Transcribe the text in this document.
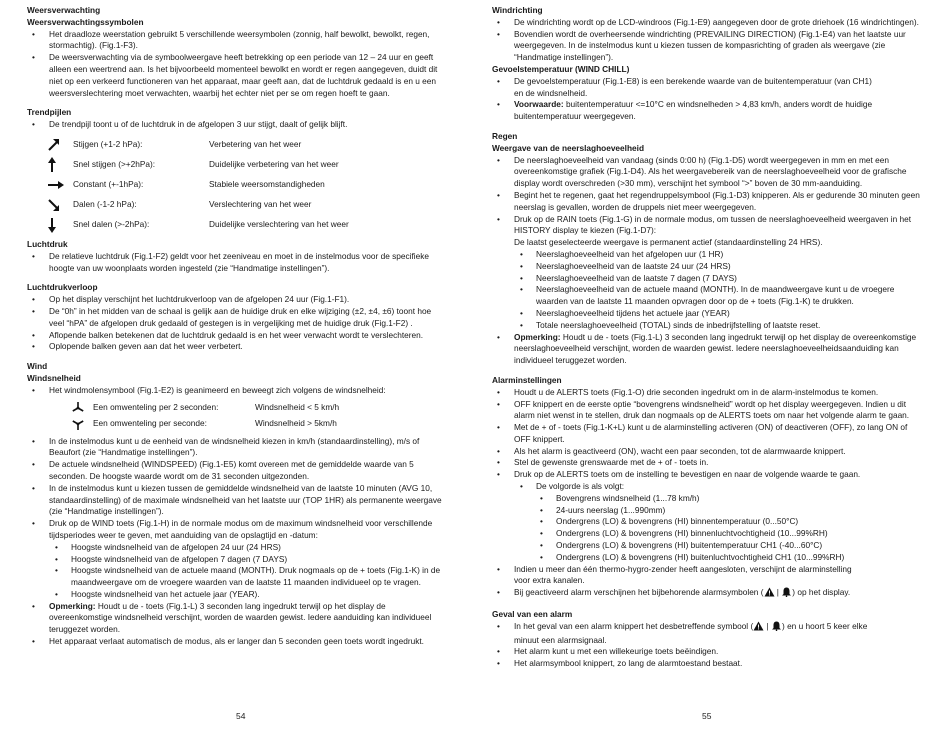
Weersverwachting
Weersverwachtingssymbolen
• Het draadloze weerstation gebruikt 5 verschillende weersymbolen (zonnig, half bewolkt, bewolkt, regen, stormachtig). (Fig.1-F3).
• De weersverwachting via de symboolweergave heeft betrekking op een periode van 12 – 24 uur en geeft alleen een weertrend aan. Is het bijvoorbeeld momenteel bewolkt en wordt er regen aangegeven, duidt dit niet op een verkeerd functioneren van het apparaat, maar geeft aan, dat de luchtdruk gedaald is en u een weersverslechtering moet verwachten, waarbij het echter niet per se om regen hoeft te gaan.
Trendpijlen
• De trendpijl toont u of de luchtdruk in de afgelopen 3 uur stijgt, daalt of gelijk blijft.
Stijgen (+1-2 hPa):	Verbetering van het weer
Snel stijgen (>+2hPa):	Duidelijke verbetering van het weer
Constant (+-1hPa):	Stabiele weersomstandigheden
Dalen (-1-2 hPa):	Verslechtering van het weer
Snel dalen (>-2hPa):	Duidelijke verslechtering van het weer
Luchtdruk
• De relatieve luchtdruk (Fig.1-F2) geldt voor het zeeniveau en moet in de instelmodus voor de specifieke hoogte van uw woonplaats worden ingesteld (zie “Handmatige instellingen”).
Luchtdrukverloop
• Op het display verschijnt het luchtdrukverloop van de afgelopen 24 uur (Fig.1-F1).
• De “0h” in het midden van de schaal is gelijk aan de huidige druk en elke wijziging (±2, ±4, ±6) toont hoe veel “hPA” de afgelopen druk gedaald of gestegen is in vergelijking met de huidige druk (Fig.1-F2) .
• Aflopende balken betekenen dat de luchtdruk gedaald is en het weer verwacht wordt te verslechteren.
• Oplopende balken geven aan dat het weer verbetert.
Wind
Windsnelheid
• Het windmolensymbool (Fig.1-E2) is geanimeerd en beweegt zich volgens de windsnelheid:
Een omwenteling per 2 seconden:	Windsnelheid < 5 km/h
Een omwenteling per seconde:	Windsnelheid > 5km/h
• In de instelmodus kunt u de eenheid van de windsnelheid kiezen in km/h (standaardinstelling), m/s of Beaufort (zie “Handmatige instellingen”).
• De actuele windsnelheid (WINDSPEED) (Fig.1-E5) komt overeen met de gemiddelde waarde van 5 seconden. De hoogste waarde wordt om de 31 seconden uitgezonden.
• In de instelmodus kunt u kiezen tussen de gemiddelde windsnelheid van de laatste 10 minuten (AVG 10, standaardinstelling) of de maximale windsnelheid van het laatste uur (TOP 1HR) als permanente weergave (zie “Handmatige instellingen”).
• Druk op de WIND toets (Fig.1-H) in de normale modus om de maximum windsnelheid voor verschillende tijdsperiodes weer te geven, met aanduiding van de opslagtijd en -datum:
• Hoogste windsnelheid van de afgelopen 24 uur (24 HRS)
• Hoogste windsnelheid van de afgelopen 7 dagen (7 DAYS)
• Hoogste windsnelheid van de actuele maand (MONTH). Druk nogmaals op de + toets (Fig.1-K) in de maandweergave om de vroegere waarden van de laatste 11 maanden individueel op te vragen.
• Hoogste windsnelheid van het actuele jaar (YEAR).
• Opmerking: Houdt u de - toets (Fig.1-L) 3 seconden lang ingedrukt terwijl op het display de overeenkomstige windsnelheid verschijnt, worden de waarden gewist. Iedere aanduiding kan individueel teruggezet worden.
• Het apparaat verlaat automatisch de modus, als er langer dan 5 seconden geen toets wordt ingedrukt.
54
Windrichting
• De windrichting wordt op de LCD-windroos (Fig.1-E9) aangegeven door de grote driehoek (16 windrichtingen).
• Bovendien wordt de overheersende windrichting (PREVAILING DIRECTION) (Fig.1-E4) van het laatste uur weergegeven. In de instelmodus kunt u kiezen tussen de kompasrichting of graden als weergave (zie “Handmatige instellingen”).
Gevoelstemperatuur (WIND CHILL)
• De gevoelstemperatuur (Fig.1-E8) is een berekende waarde van de buitentemperatuur (van CH1)
en de windsnelheid.
• Voorwaarde: buitentemperatuur <=10°C en windsnelheden > 4,83 km/h, anders wordt de huidige buitentemperatuur weergegeven.
Regen
Weergave van de neerslaghoeveelheid
• De neerslaghoeveelheid van vandaag (sinds 0:00 h) (Fig.1-D5) wordt weergegeven in mm en met een overeenkomstige grafiek (Fig.1-D4). Als het weergavebereik van de neerslaghoeveelheid voor de grafische display wordt overschreden (>30 mm), verschijnt het symbool “>” boven de 30 mm-aanduiding.
• Begint het te regenen, gaat het regendruppelsymbool (Fig.1-D3) knipperen. Als er gedurende 30 minuten geen neerslag is gevallen, worden de druppels niet meer weergegeven.
• Druk op de RAIN toets (Fig.1-G) in de normale modus, om tussen de neerslaghoeveelheid weergaven in het HISTORY display te kiezen (Fig.1-D7):
De laatst geselecteerde weergave is permanent actief (standaardinstelling 24 HRS).
• Neerslaghoeveelheid van het afgelopen uur (1 HR)
• Neerslaghoeveelheid van de laatste 24 uur (24 HRS)
• Neerslaghoeveelheid van de laatste 7 dagen (7 DAYS)
• Neerslaghoeveelheid van de actuele maand (MONTH). In de maandweergave kunt u de vroegere waarden van de laatste 11 maanden opvragen door op de + toets (Fig.1-K) te drukken.
• Neerslaghoeveelheid tijdens het actuele jaar (YEAR)
• Totale neerslaghoeveelheid (TOTAL) sinds de inbedrijfstelling of laatste reset.
• Opmerking: Houdt u de - toets (Fig.1-L) 3 seconden lang ingedrukt terwijl op het display de overeenkomstige neerslaghoeveelheid verschijnt, worden de waarden gewist. Iedere neerslaghoeveelheidsaanduiding kan individueel teruggezet worden.
Alarminstellingen
• Houdt u de ALERTS toets (Fig.1-O) drie seconden ingedrukt om in de alarm-instelmodus te komen.
• OFF knippert en de eerste optie “bovengrens windsnelheid” wordt op het display weergegeven. Indien u dit alarm niet wenst in te stellen, druk dan nogmaals op de ALERTS toets om naar het volgende alarm te gaan.
• Met de + of - toets (Fig.1-K+L) kunt u de alarminstelling activeren (ON) of deactiveren (OFF), zo lang ON of OFF knippert.
• Als het alarm is geactiveerd (ON), wacht een paar seconden, tot de alarmwaarde knippert.
• Stel de gewenste grenswaarde met de + of - toets in.
• Druk op de ALERTS toets om de instelling te bevestigen en naar de volgende waarde te gaan.
• De volgorde is als volgt:
• Bovengrens windsnelheid (1...78 km/h)
• 24-uurs neerslag (1...990mm)
• Ondergrens (LO) & bovengrens (HI) binnentemperatuur (0...50°C)
• Ondergrens (LO) & bovengrens (HI) binnenluchtvochtigheid (10...99%RH)
• Ondergrens (LO) & bovengrens (HI) buitentemperatuur CH1 (-40...60°C)
• Ondergrens (LO) & bovengrens (HI) buitenluchtvochtigheid CH1 (10...99%RH)
• Indien u meer dan één thermo-hygro-zender heeft aangesloten, verschijnt de alarminstelling
voor extra kanalen.
• Bij geactiveerd alarm verschijnen het bijbehorende alarmsymbolen ( | ) op het display.
Geval van een alarm
• In het geval van een alarm knippert het desbetreffende symbool ( | ) en u hoort 5 keer elke
minuut een alarmsignaal.
• Het alarm kunt u met een willekeurige toets beëindigen.
• Het alarmsymbool knippert, zo lang de alarmtoestand bestaat.
55
